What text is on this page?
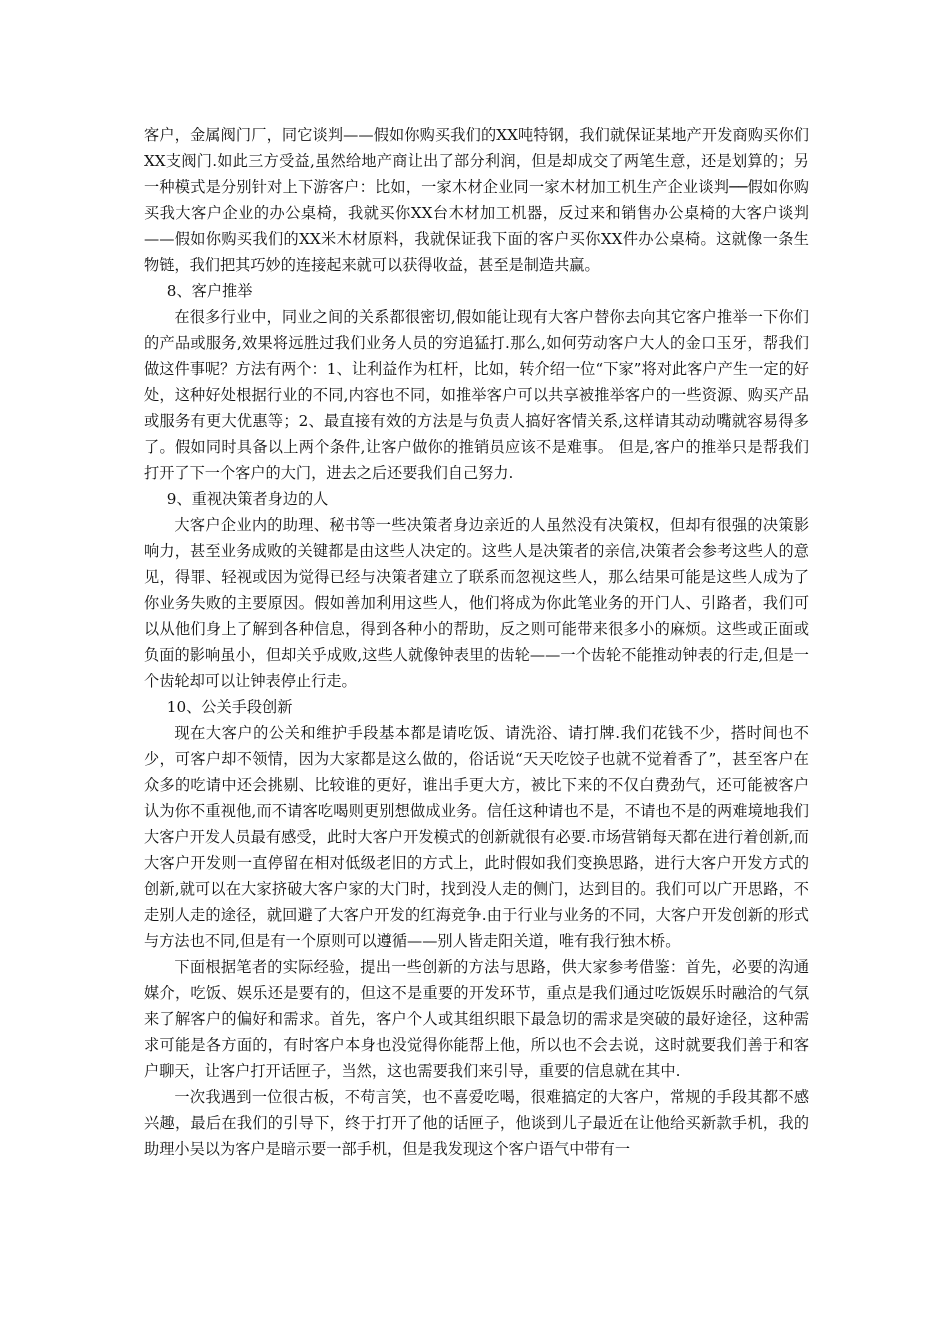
客户，金属阀门厂，同它谈判——假如你购买我们的XX吨特钢，我们就保证某地产开发商购买你们XX支阀门.如此三方受益,虽然给地产商让出了部分利润，但是却成交了两笔生意，还是划算的；另一种模式是分别针对上下游客户：比如，一家木材企业同一家木材加工机生产企业谈判──假如你购买我大客户企业的办公桌椅，我就买你XX台木材加工机器，反过来和销售办公桌椅的大客户谈判——假如你购买我们的XX米木材原料，我就保证我下面的客户买你XX件办公桌椅。这就像一条生物链，我们把其巧妙的连接起来就可以获得收益，甚至是制造共赢。

8、客户推举

在很多行业中，同业之间的关系都很密切,假如能让现有大客户替你去向其它客户推举一下你们的产品或服务,效果将远胜过我们业务人员的穷追猛打.那么,如何劳动客户大人的金口玉牙，帮我们做这件事呢？方法有两个：1、让利益作为杠杆，比如，转介绍一位“下家”将对此客户产生一定的好处，这种好处根据行业的不同,内容也不同，如推举客户可以共享被推举客户的一些资源、购买产品或服务有更大优惠等；2、最直接有效的方法是与负责人搞好客情关系,这样请其动动嘴就容易得多了。假如同时具备以上两个条件,让客户做你的推销员应该不是难事。 但是,客户的推举只是帮我们打开了下一个客户的大门，进去之后还要我们自己努力.

9、重视决策者身边的人

大客户企业内的助理、秘书等一些决策者身边亲近的人虽然没有决策权，但却有很强的决策影响力，甚至业务成败的关键都是由这些人决定的。这些人是决策者的亲信,决策者会参考这些人的意见，得罪、轻视或因为觉得已经与决策者建立了联系而忽视这些人，那么结果可能是这些人成为了你业务失败的主要原因。假如善加利用这些人，他们将成为你此笔业务的开门人、引路者，我们可以从他们身上了解到各种信息，得到各种小的帮助，反之则可能带来很多小的麻烦。这些或正面或负面的影响虽小，但却关乎成败,这些人就像钟表里的齿轮——一个齿轮不能推动钟表的行走,但是一个齿轮却可以让钟表停止行走。

10、公关手段创新

现在大客户的公关和维护手段基本都是请吃饭、请洗浴、请打牌.我们花钱不少，搭时间也不少，可客户却不领情，因为大家都是这么做的，俗话说“天天吃饺子也就不觉着香了”，甚至客户在众多的吃请中还会挑剔、比较谁的更好，谁出手更大方，被比下来的不仅白费劲气，还可能被客户认为你不重视他,而不请客吃喝则更别想做成业务。信任这种请也不是，不请也不是的两难境地我们大客户开发人员最有感受，此时大客户开发模式的创新就很有必要.市场营销每天都在进行着创新,而大客户开发则一直停留在相对低级老旧的方式上，此时假如我们变换思路，进行大客户开发方式的创新,就可以在大家挤破大客户家的大门时，找到没人走的侧门，达到目的。我们可以广开思路，不走别人走的途径，就回避了大客户开发的红海竞争.由于行业与业务的不同，大客户开发创新的形式与方法也不同,但是有一个原则可以遵循——别人皆走阳关道，唯有我行独木桥。

下面根据笔者的实际经验，提出一些创新的方法与思路，供大家参考借鉴：首先，必要的沟通媒介，吃饭、娱乐还是要有的，但这不是重要的开发环节，重点是我们通过吃饭娱乐时融洽的气氛来了解客户的偏好和需求。首先，客户个人或其组织眼下最急切的需求是突破的最好途径，这种需求可能是各方面的，有时客户本身也没觉得你能帮上他，所以也不会去说，这时就要我们善于和客户聊天，让客户打开话匣子，当然，这也需要我们来引导，重要的信息就在其中.

一次我遇到一位很古板，不苟言笑，也不喜爱吃喝，很难搞定的大客户，常规的手段其都不感兴趣，最后在我们的引导下，终于打开了他的话匣子，他谈到儿子最近在让他给买新款手机，我的助理小吴以为客户是暗示要一部手机，但是我发现这个客户语气中带有一
